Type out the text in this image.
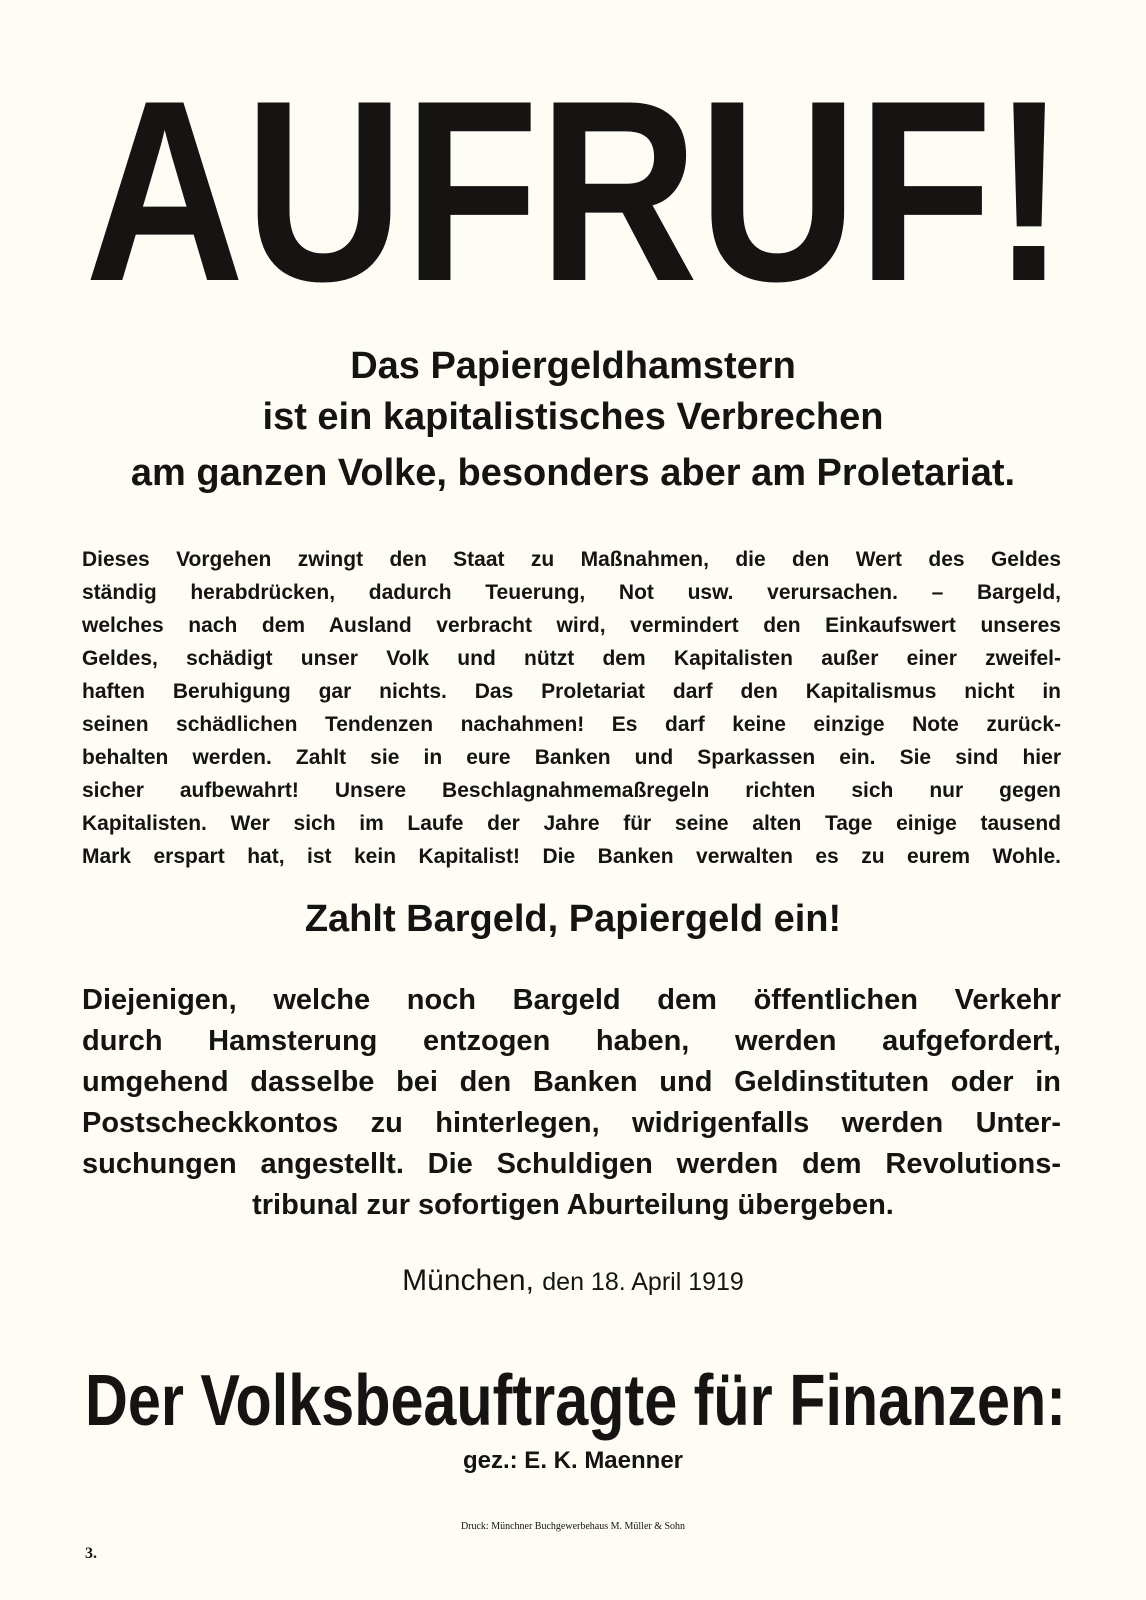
AUFRUF!
Das Papiergeldhamstern
ist ein kapitalistisches Verbrechen
am ganzen Volke, besonders aber am Proletariat.
Dieses Vorgehen zwingt den Staat zu Maßnahmen, die den Wert des Geldes
ständig herabdrücken, dadurch Teuerung, Not usw. verursachen. – Bargeld,
welches nach dem Ausland verbracht wird, vermindert den Einkaufswert unseres
Geldes, schädigt unser Volk und nützt dem Kapitalisten außer einer zweifel-
haften Beruhigung gar nichts. Das Proletariat darf den Kapitalismus nicht in
seinen schädlichen Tendenzen nachahmen! Es darf keine einzige Note zurück-
behalten werden. Zahlt sie in eure Banken und Sparkassen ein. Sie sind hier
sicher aufbewahrt! Unsere Beschlagnahmemaßregeln richten sich nur gegen
Kapitalisten. Wer sich im Laufe der Jahre für seine alten Tage einige tausend
Mark erspart hat, ist kein Kapitalist! Die Banken verwalten es zu eurem Wohle.
Zahlt Bargeld, Papiergeld ein!
Diejenigen, welche noch Bargeld dem öffentlichen Verkehr
durch Hamsterung entzogen haben, werden aufgefordert,
umgehend dasselbe bei den Banken und Geldinstituten oder in
Postscheckkontos zu hinterlegen, widrigenfalls werden Unter-
suchungen angestellt. Die Schuldigen werden dem Revolutions-
tribunal zur sofortigen Aburteilung übergeben.
München, den 18. April 1919
Der Volksbeauftragte für Finanzen:
gez.: E. K. Maenner
Druck: Münchner Buchgewerbehaus M. Müller & Sohn
3.
